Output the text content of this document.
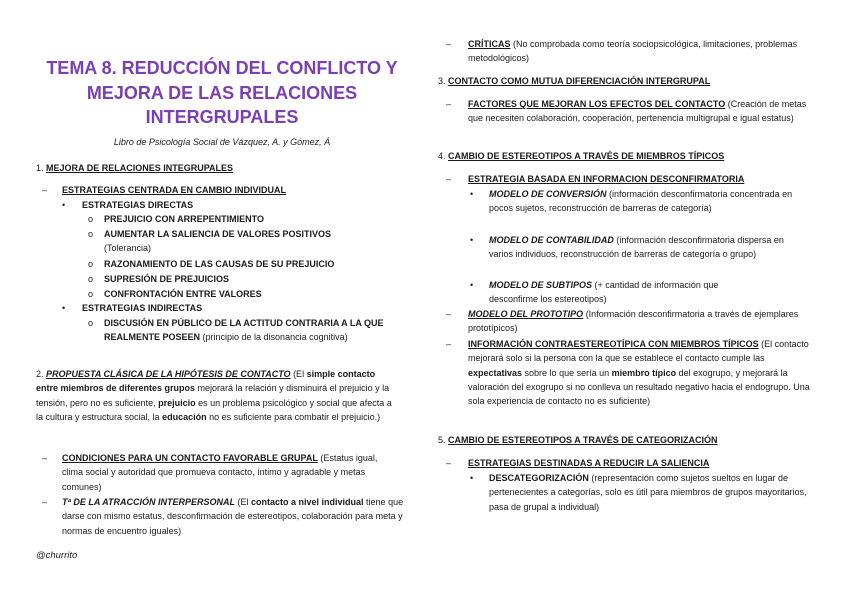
TEMA 8. REDUCCIÓN DEL CONFLICTO Y MEJORA DE LAS RELACIONES INTERGRUPALES
Libro de Psicología Social de Vázquez, A. y Gómez, Á
1. MEJORA DE RELACIONES INTEGRUPALES
– ESTRATEGIAS CENTRADA EN CAMBIO INDIVIDUAL
• ESTRATEGIAS DIRECTAS
o PREJUICIO CON ARREPENTIMIENTO
o AUMENTAR LA SALIENCIA DE VALORES POSITIVOS
(Tolerancia)
o RAZONAMIENTO DE LAS CAUSAS DE SU PREJUICIO
o SUPRESIÓN DE PREJUICIOS
o CONFRONTACIÓN ENTRE VALORES
• ESTRATEGIAS INDIRECTAS
o DISCUSIÓN EN PÚBLICO DE LA ACTITUD CONTRARIA A LA QUE REALMENTE POSEEN (principio de la disonancia cognitiva)

2. PROPUESTA CLÁSICA DE LA HIPÓTESIS DE CONTACTO (El simple contacto entre miembros de diferentes grupos mejorará la relación y disminuirá el prejuicio y la tensión, pero no es suficiente, prejuicio es un problema psicológico y social que afecta a la cultura y estructura social, la educación no es suficiente para combatir el prejuicio.)

– CONDICIONES PARA UN CONTACTO FAVORABLE GRUPAL (Estatus igual, clima social y autoridad que promueva contacto, íntimo y agradable y metas comunes)

– Tª DE LA ATRACCIÓN INTERPERSONAL (El contacto a nivel individual tiene que darse con mismo estatus, desconfirmación de estereotipos, colaboración para meta y normas de encuentro iguales)

@churrito
– CRÍTICAS (No comprobada como teoría sociopsicológica, limitaciones, problemas metodológicos)

3. CONTACTO COMO MUTUA DIFERENCIACIÓN INTERGRUPAL
– FACTORES QUE MEJORAN LOS EFECTOS DEL CONTACTO (Creación de metas que necesiten colaboración, cooperación, pertenencia multigrupal e igual estatus)

4. CAMBIO DE ESTEREOTIPOS A TRAVÉS DE MIEMBROS TÍPICOS
– ESTRATEGIA BASADA EN INFORMACION DESCONFIRMATORIA
• MODELO DE CONVERSIÓN (información desconfirmatoria concentrada en pocos sujetos, reconstrucción de barreras de categoría)

• MODELO DE CONTABILIDAD (información desconfirmatoria dispersa en varios individuos, reconstrucción de barreras de categoría o grupo)

• MODELO DE SUBTIPOS (+ cantidad de información que desconfirme los estereotipos)

– MODELO DEL PROTOTIPO (Información desconfirmatoria a través de ejemplares prototípicos)

– INFORMACIÓN CONTRAESTEREOTÍPICA CON MIEMBROS TÍPICOS (El contacto mejorará solo si la persona con la que se establece el contacto cumple las expectativas sobre lo que sería un miembro típico del exogrupo, y mejorará la valoración del exogrupo si no conlleva un resultado negativo hacia el endogrupo. Una sola experiencia de contacto no es suficiente)

5. CAMBIO DE ESTEREOTIPOS A TRAVÉS DE CATEGORIZACIÓN
– ESTRATEGIAS DESTINADAS A REDUCIR LA SALIENCIA
• DESCATEGORIZACIÓN (representación como sujetos sueltos en lugar de pertenecientes a categorías, solo es útil para miembros de grupos mayoritarios, pasa de grupal a individual)
